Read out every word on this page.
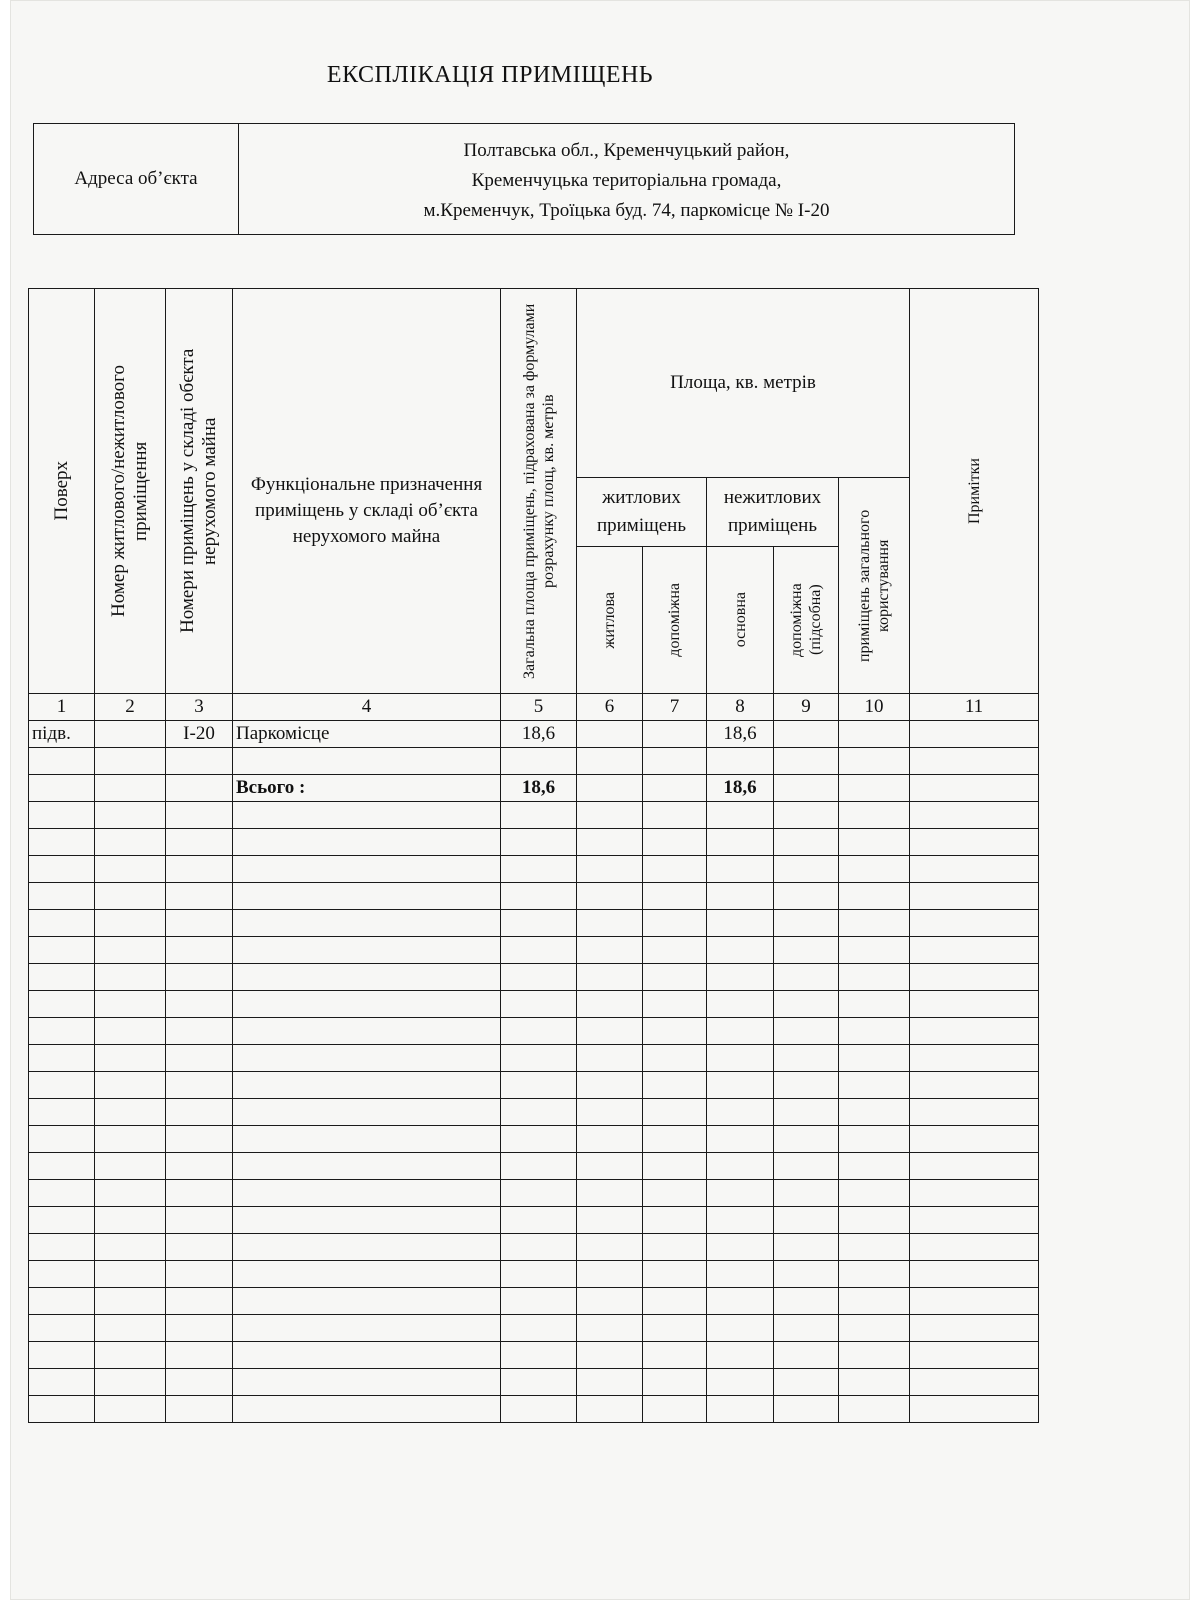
ЕКСПЛІКАЦІЯ ПРИМІЩЕНЬ
Адреса об’єкта	
Полтавська обл., Кременчуцький район,
Кременчуцька територіальна громада,
м.Кременчук, Троїцька буд. 74, паркомісце № І-20
Поверх	Номер житлового/нежитлового приміщення	Номери приміщень у складі обєкта нерухомого майна	Функціональне призначення приміщень у складі об’єкта нерухомого майна	Загальна площа приміщень, підрахована за формулами розрахунку площ, кв. метрів	Площа, кв. метрів					Примітки

					житлових приміщень		нежитлових приміщень		приміщень загального користування	

					житлова	допоміжна	основна	допоміжна (підсобна)		

1	2	3	4	5	6	7	8	9	10	11
підв.		І-20	Паркомісце	18,6			18,6			

			Всього :	18,6			18,6			
